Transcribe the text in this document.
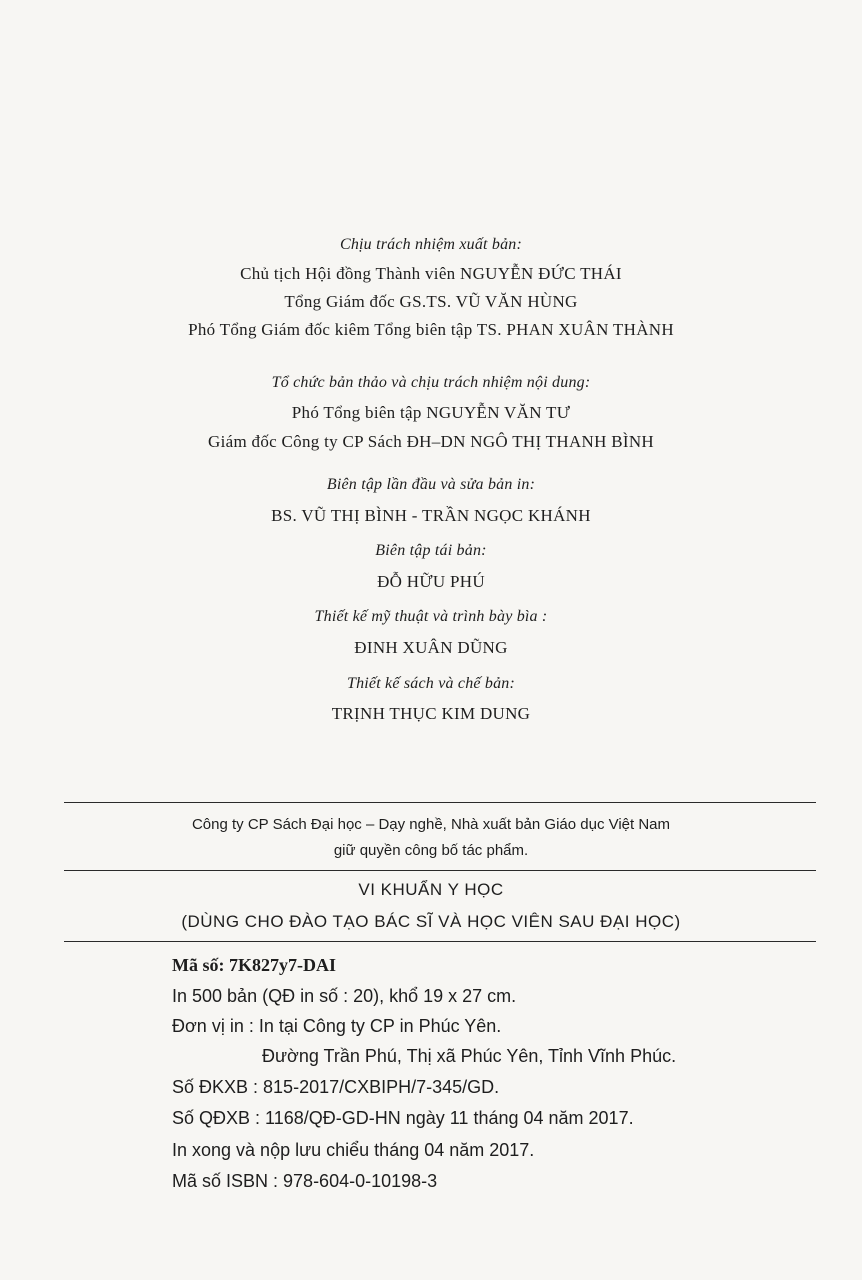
Chịu trách nhiệm xuất bản:
Chủ tịch Hội đồng Thành viên NGUYỄN ĐỨC THÁI
Tổng Giám đốc GS.TS. VŨ VĂN HÙNG
Phó Tổng Giám đốc kiêm Tổng biên tập TS. PHAN XUÂN THÀNH
Tổ chức bản thảo và chịu trách nhiệm nội dung:
Phó Tổng biên tập NGUYỄN VĂN TƯ
Giám đốc Công ty CP Sách ĐH–DN NGÔ THỊ THANH BÌNH
Biên tập lần đầu và sửa bản in:
BS. VŨ THỊ BÌNH - TRẦN NGỌC KHÁNH
Biên tập tái bản:
ĐỖ HỮU PHÚ
Thiết kế mỹ thuật và trình bày bìa :
ĐINH XUÂN DŨNG
Thiết kế sách và chế bản:
TRỊNH THỤC KIM DUNG
Công ty CP Sách Đại học – Dạy nghề, Nhà xuất bản Giáo dục Việt Nam
giữ quyền công bố tác phẩm.
VI KHUẨN Y HỌC
(DÙNG CHO ĐÀO TẠO BÁC SĨ VÀ HỌC VIÊN SAU ĐẠI HỌC)
Mã số: 7K827y7-DAI
In 500 bản (QĐ in số : 20), khổ 19 x 27 cm.
Đơn vị in : In tại Công ty CP in Phúc Yên.
Đường Trần Phú, Thị xã Phúc Yên, Tỉnh Vĩnh Phúc.
Số ĐKXB : 815-2017/CXBIPH/7-345/GD.
Số QĐXB : 1168/QĐ-GD-HN ngày 11 tháng 04 năm 2017.
In xong và nộp lưu chiểu tháng 04 năm 2017.
Mã số ISBN : 978-604-0-10198-3
